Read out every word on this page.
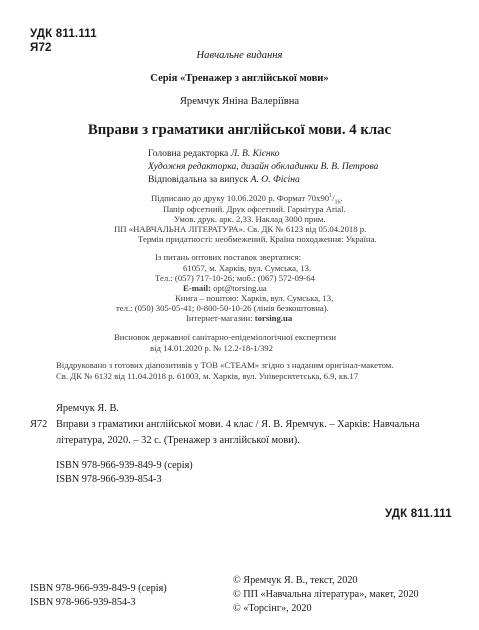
УДК 811.111
Я72
Навчальне видання
Серія «Тренажер з англійської мови»
Яремчук Яніна Валеріївна
Вправи з граматики англійської мови. 4 клас
Головна редакторка Л. В. Кієнко
Художня редакторка, дизайн обкладинки В. В. Петрова
Відповідальна за випуск А. О. Фісіна
Підписано до друку 10.06.2020 р. Формат $70х90^1/_{16}$.
Папір офсетний. Друк офсетний. Гарнітура Arial.
Умов. друк. арк. 2,33. Наклад 3000 прим.
ПП «НАВЧАЛЬНА ЛІТЕРАТУРА». Св. ДК № 6123 від 05.04.2018 р.
Термін придатності: необмежений. Країна походження: Україна.
Із питань оптових поставок звертатися:
61057, м. Харків, вул. Сумська, 13.
Тел.: (057) 717-10-26; моб.: (067) 572-09-64
E-mail: opt@torsing.ua
Книга – поштою: Харків, вул. Сумська, 13,
тел.: (050) 305-05-41; 0-800-50-10-26 (лінія безкоштовна).
Інтернет-магазин: torsing.ua
Висновок державної санітарно-епідеміологічної експертизи
від 14.01.2020 р. № 12.2-18-1/392
Віддруковано з готових діапозитивів у ТОВ «СТЕАМ» згідно з наданим оригінал-макетом.
Св. ДК № 6132 від 11.04.2018 р. 61003, м. Харків, вул. Університетська, 6.9, кв.17
Яремчук Я. В.
Я72 Вправи з граматики англійської мови. 4 клас / Я. В. Яремчук. – Харків: Навчальна література, 2020. – 32 с. (Тренажер з англійської мови).
ISBN 978-966-939-849-9 (серія)
ISBN 978-966-939-854-3
УДК 811.111
ISBN 978-966-939-849-9 (серія)
ISBN 978-966-939-854-3
© Яремчук Я. В., текст, 2020
© ПП «Навчальна література», макет, 2020
© «Торсінг», 2020
